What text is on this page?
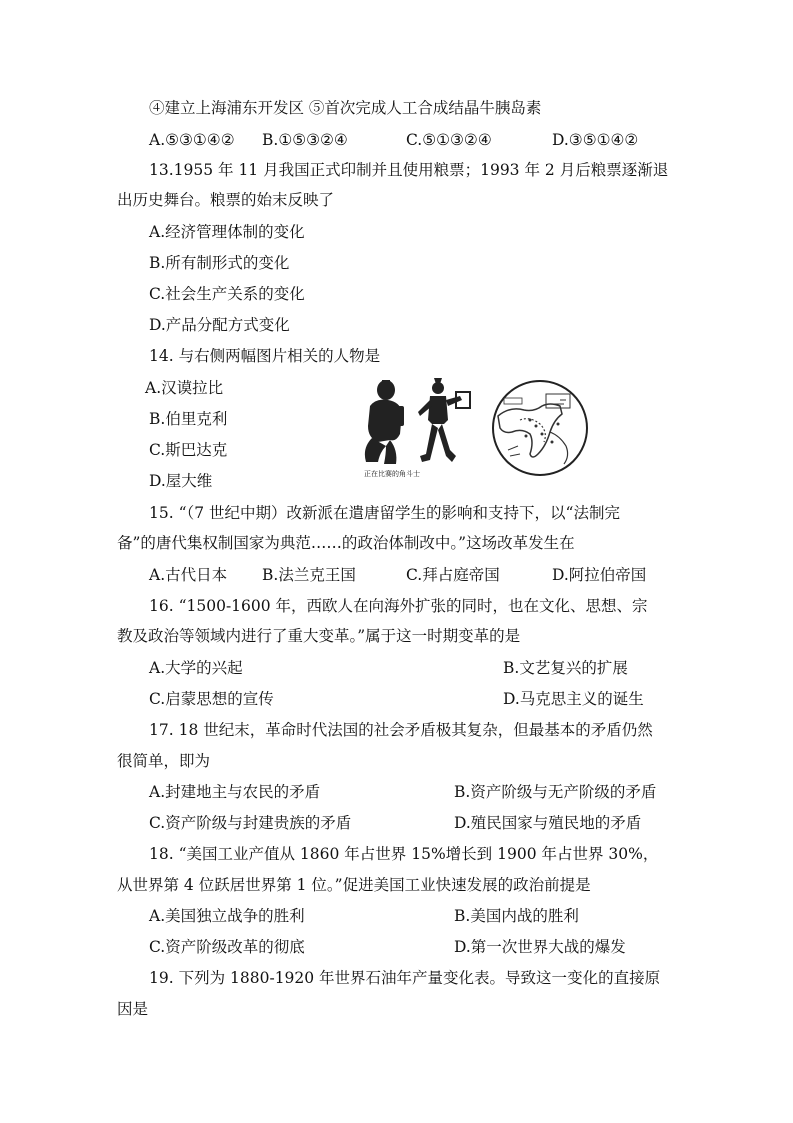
④建立上海浦东开发区 ⑤首次完成人工合成结晶牛胰岛素
A.⑤③①④② B.①⑤③②④	C.⑤①③②④	D.③⑤①④②
13.1955 年 11 月我国正式印制并且使用粮票；1993 年 2 月后粮票逐渐退
出历史舞台。粮票的始末反映了
A.经济管理体制的变化
B.所有制形式的变化
C.社会生产关系的变化
D.产品分配方式变化
14. 与右侧两幅图片相关的人物是
A.汉谟拉比
B.伯里克利
C.斯巴达克
D.屋大维	正在比赛的角斗士
15. “（7 世纪中期）改新派在遣唐留学生的影响和支持下，以“法制完
备”的唐代集权制国家为典范……的政治体制改中。”这场改革发生在
A.古代日本 B.法兰克王国	C.拜占庭帝国	D.阿拉伯帝国
16. “1500-1600 年，西欧人在向海外扩张的同时，也在文化、思想、宗
教及政治等领域内进行了重大变革。”属于这一时期变革的是
A.大学的兴起	B.文艺复兴的扩展
C.启蒙思想的宣传	D.马克思主义的诞生
17. 18 世纪末，革命时代法国的社会矛盾极其复杂，但最基本的矛盾仍然
很简单，即为
A.封建地主与农民的矛盾	B.资产阶级与无产阶级的矛盾
C.资产阶级与封建贵族的矛盾	D.殖民国家与殖民地的矛盾
18. “美国工业产值从 1860 年占世界 15%增长到 1900 年占世界 30%，
从世界第 4 位跃居世界第 1 位。”促进美国工业快速发展的政治前提是
A.美国独立战争的胜利	B.美国内战的胜利
C.资产阶级改革的彻底	D.第一次世界大战的爆发
19. 下列为 1880-1920 年世界石油年产量变化表。导致这一变化的直接原
因是
